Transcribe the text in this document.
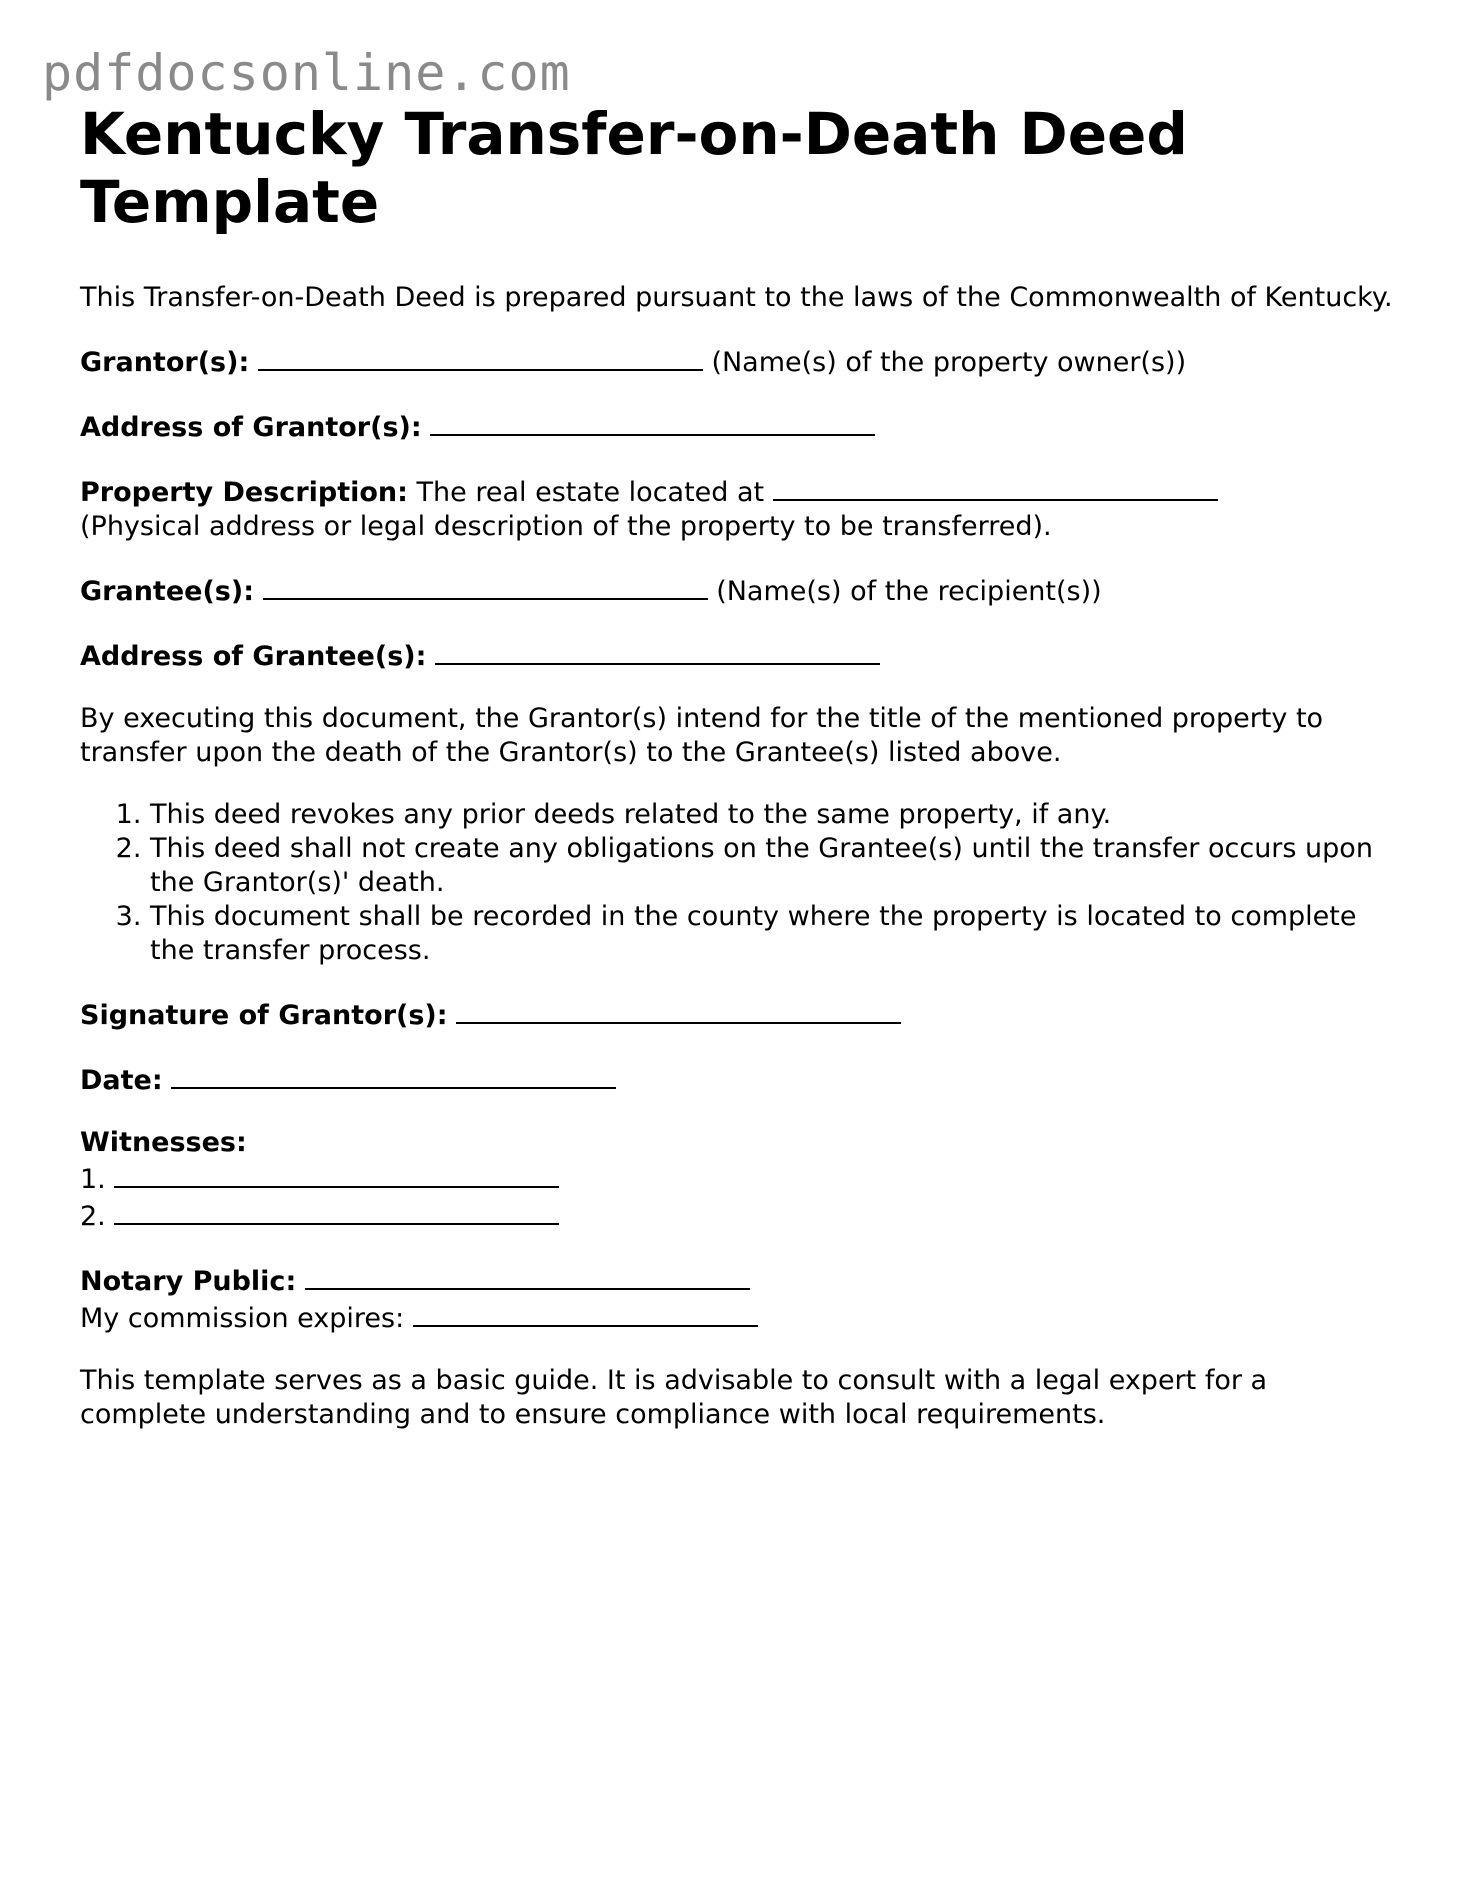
pdfdocsonline.com
Kentucky Transfer-on-Death Deed Template

This Transfer-on-Death Deed is prepared pursuant to the laws of the Commonwealth of Kentucky.

Grantor(s):	(Name(s) of the property owner(s))

Address of Grantor(s):

Property Description: The real estate located at
(Physical address or legal description of the property to be transferred).

Grantee(s):	(Name(s) of the recipient(s))

Address of Grantee(s):

By executing this document, the Grantor(s) intend for the title of the mentioned property to transfer upon the death of the Grantor(s) to the Grantee(s) listed above.

1. This deed revokes any prior deeds related to the same property, if any.
2. This deed shall not create any obligations on the Grantee(s) until the transfer occurs upon the Grantor(s)' death.
3. This document shall be recorded in the county where the property is located to complete the transfer process.

Signature of Grantor(s):

Date:

Witnesses:
1.
2.

Notary Public:
My commission expires:

This template serves as a basic guide. It is advisable to consult with a legal expert for a complete understanding and to ensure compliance with local requirements.
